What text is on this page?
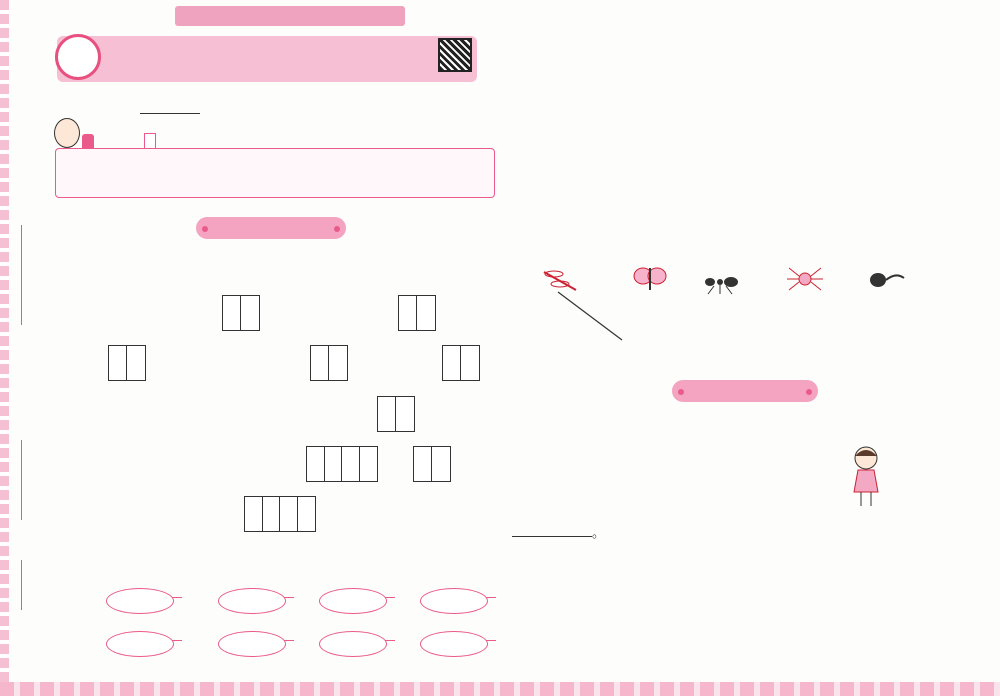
。
